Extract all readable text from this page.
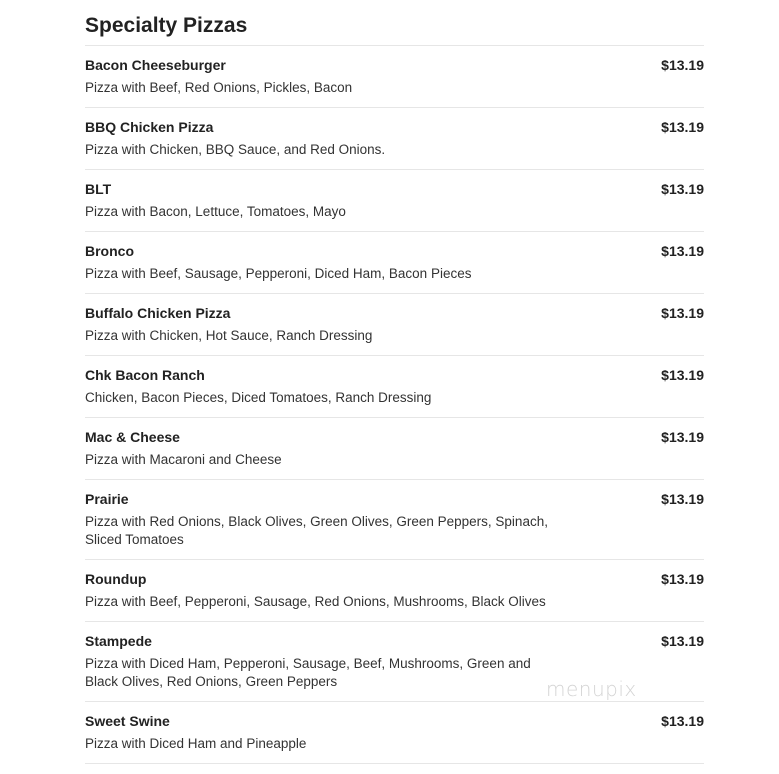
Specialty Pizzas
Bacon Cheeseburger	$13.19
Pizza with Beef, Red Onions, Pickles, Bacon
BBQ Chicken Pizza	$13.19
Pizza with Chicken, BBQ Sauce, and Red Onions.
BLT	$13.19
Pizza with Bacon, Lettuce, Tomatoes, Mayo
Bronco	$13.19
Pizza with Beef, Sausage, Pepperoni, Diced Ham, Bacon Pieces
Buffalo Chicken Pizza	$13.19
Pizza with Chicken, Hot Sauce, Ranch Dressing
Chk Bacon Ranch	$13.19
Chicken, Bacon Pieces, Diced Tomatoes, Ranch Dressing
Mac & Cheese	$13.19
Pizza with Macaroni and Cheese
Prairie	$13.19
Pizza with Red Onions, Black Olives, Green Olives, Green Peppers, Spinach, Sliced Tomatoes
Roundup	$13.19
Pizza with Beef, Pepperoni, Sausage, Red Onions, Mushrooms, Black Olives
Stampede	$13.19
Pizza with Diced Ham, Pepperoni, Sausage, Beef, Mushrooms, Green and Black Olives, Red Onions, Green Peppers
Sweet Swine	$13.19
Pizza with Diced Ham and Pineapple
menupix
